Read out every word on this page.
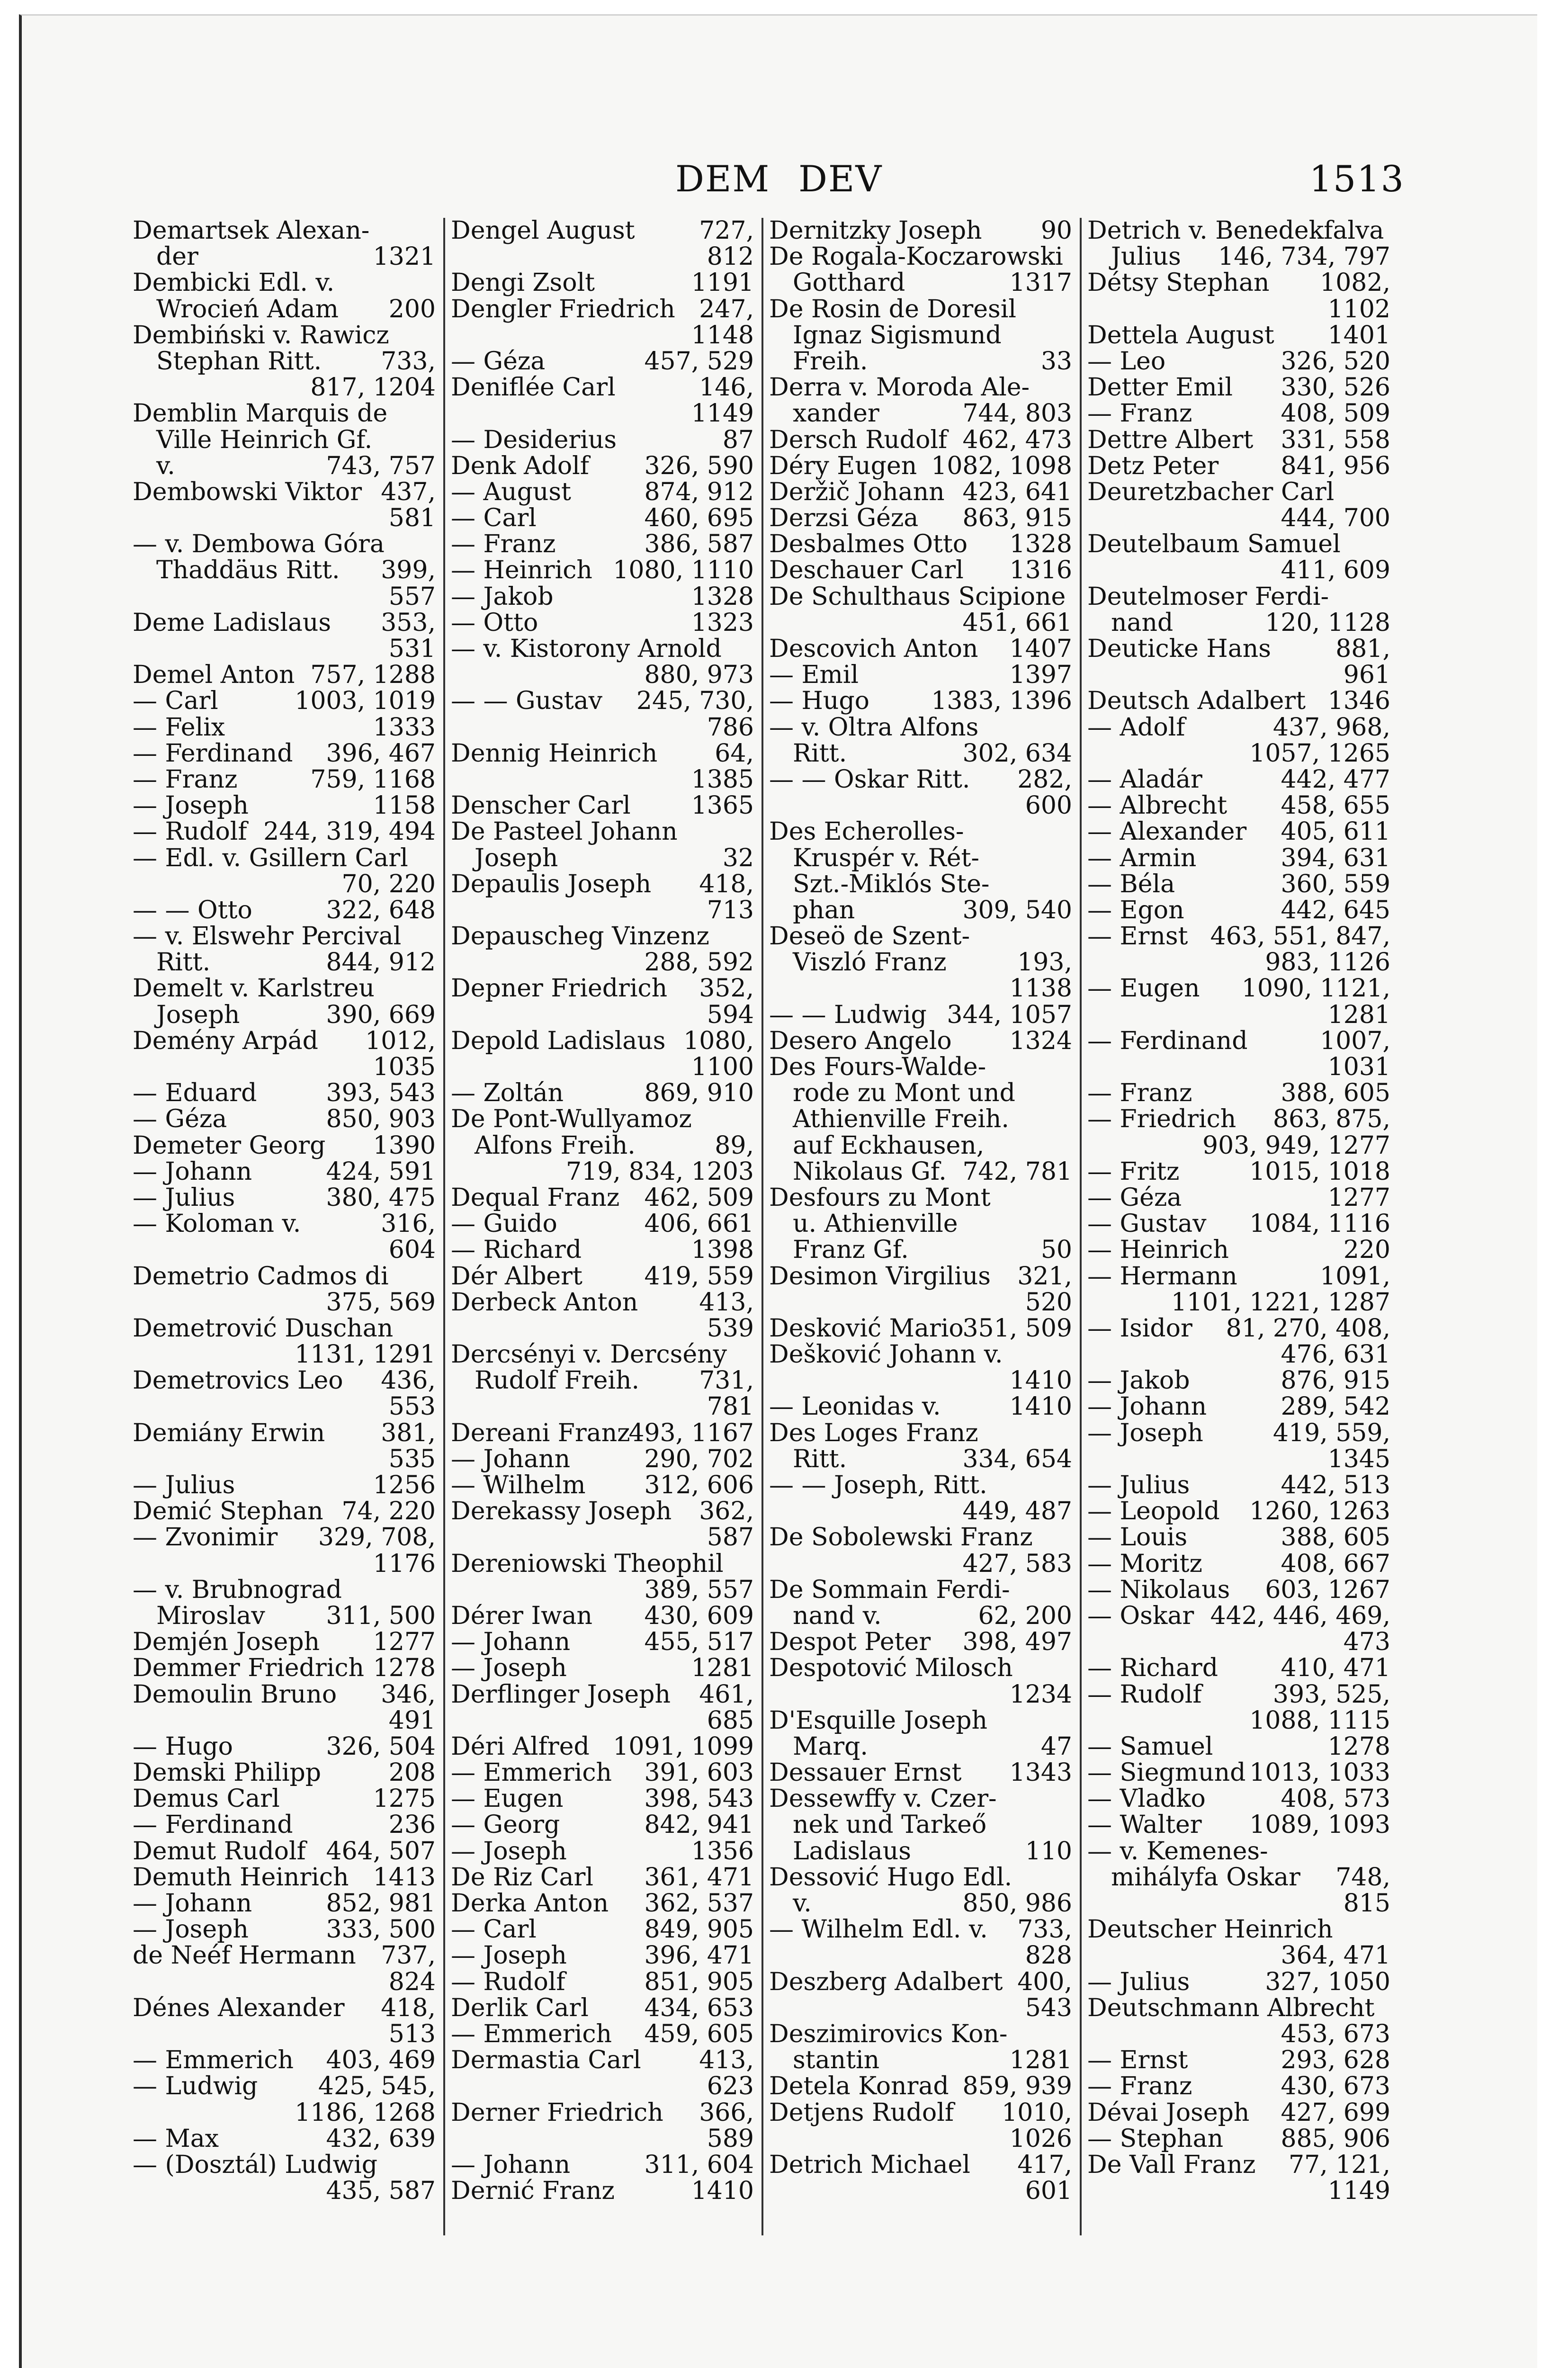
DEM DEV	1513
Demartsek Alexan-
der	1321
Dembicki Edl. v.
Wrocień Adam 200
Dembiński v. Rawicz
Stephan Ritt. 733,
817, 1204
Demblin Marquis de
Ville Heinrich Gf.
v.	743, 757
Dembowski Viktor 437,
581
— v. Dembowa Góra
Thaddäus Ritt. 399,
557
Deme Ladislaus 353,
531
Demel Anton 757, 1288
— Carl	1003, 1019
— Felix	1333
— Ferdinand 396, 467
— Franz	759, 1168
— Joseph	1158
— Rudolf 244, 319, 494
— Edl. v. Gsillern Carl
70, 220
— — Otto	322, 648
— v. Elswehr Percival
Ritt.	844, 912
Demelt v. Karlstreu
Joseph	390, 669
Demény Arpád 1012,
1035
— Eduard	393, 543
— Géza	850, 903
Demeter Georg 1390
— Johann	424, 591
— Julius	380, 475
— Koloman v.	316,
604
Demetrio Cadmos di
375, 569
Demetrović Duschan
1131, 1291
Demetrovics Leo 436,
553
Demiány Erwin 381,
535
— Julius	1256
Demić Stephan 74, 220
— Zvonimir 329, 708,
1176
— v. Brubnograd
Miroslav 311, 500
Demjén Joseph 1277
Demmer Friedrich 1278
Demoulin Bruno 346,
491
— Hugo	326, 504
Demski Philipp	208
Demus Carl	1275
— Ferdinand	236
Demut Rudolf 464, 507
Demuth Heinrich 1413
— Johann	852, 981
— Joseph	333, 500
de Neéf Hermann 737,
824
Dénes Alexander 418,
513
— Emmerich 403, 469
— Ludwig 425, 545,
1186, 1268
— Max	432, 639
— (Dosztál) Ludwig
435, 587
Dengel August	727,
812
Dengi Zsolt	1191
Dengler Friedrich 247,
1148
— Géza	457, 529
Deniflée Carl	146,
1149
— Desiderius	87
Denk Adolf 326, 590
— August	874, 912
— Carl	460, 695
— Franz	386, 587
— Heinrich 1080, 1110
— Jakob	1328
— Otto	1323
— v. Kistorony Arnold
880, 973
— — Gustav 245, 730,
786
Dennig Heinrich 64,
1385
Denscher Carl 1365
De Pasteel Johann
Joseph	32
Depaulis Joseph 418,
713
Depauscheg Vinzenz
288, 592
Depner Friedrich 352,
594
Depold Ladislaus 1080,
1100
— Zoltán	869, 910
De Pont-Wullyamoz
Alfons Freih.	89,
719, 834, 1203
Dequal Franz 462, 509
— Guido	406, 661
— Richard	1398
Dér Albert	419, 559
Derbeck Anton 413,
539
Dercsényi v. Dercsény
Rudolf Freih. 731,
781
Dereani Franz
493, 1167
— Johann	290, 702
— Wilhelm 312, 606
Derekassy Joseph 362,
587
Dereniowski Theophil
389, 557
Dérer Iwan 430, 609
— Johann	455, 517
— Joseph	1281
Derflinger Joseph 461,
685
Déri Alfred 1091, 1099
— Emmerich 391, 603
— Eugen	398, 543
— Georg	842, 941
— Joseph	1356
De Riz Carl 361, 471
Derka Anton 362, 537
— Carl	849, 905
— Joseph	396, 471
— Rudolf	851, 905
Derlik Carl 434, 653
— Emmerich 459, 605
Dermastia Carl 413,
623
Derner Friedrich 366,
589
— Johann	311, 604
Dernić Franz	1410
Dernitzky Joseph 90
De Rogala-Koczarowski
Gotthard	1317
De Rosin de Doresil
Ignaz Sigismund
Freih.	33
Derra v. Moroda Ale-
xander	744, 803
Dersch Rudolf 462, 473
Déry Eugen 1082, 1098
Deržič Johann 423, 641
Derzsi Géza 863, 915
Desbalmes Otto 1328
Deschauer Carl 1316
De Schulthaus Scipione
451, 661
Descovich Anton 1407
— Emil	1397
— Hugo	1383, 1396
— v. Oltra Alfons
Ritt.	302, 634
— — Oskar Ritt. 282,
600
Des Echerolles-
Kruspér v. Rét-
Szt.-Miklós Ste-
phan	309, 540
Deseö de Szent-
Viszló Franz	193,
1138
— — Ludwig 344, 1057
Desero Angelo 1324
Des Fours-Walde-
rode zu Mont und
Athienville Freih.
auf Eckhausen,
Nikolaus Gf. 742, 781
Desfours zu Mont
u. Athienville
Franz Gf.	50
Desimon Virgilius 321,
520
Desković Mario
351, 509
Dešković Johann v.
1410
— Leonidas v.	1410
Des Loges Franz
Ritt.	334, 654
— — Joseph, Ritt.
449, 487
De Sobolewski Franz
427, 583
De Sommain Ferdi-
nand v.	62, 200
Despot Peter 398, 497
Despotović Milosch
1234
D'Esquille Joseph
Marq.	47
Dessauer Ernst 1343
Dessewffy v. Czer-
nek und Tarkeő
Ladislaus	110
Dessović Hugo Edl.
v.	850, 986
— Wilhelm Edl. v. 733,
828
Deszberg Adalbert 400,
543
Deszimirovics Kon-
stantin	1281
Detela Konrad 859, 939
Detjens Rudolf 1010,
1026
Detrich Michael 417,
601
Detrich v. Benedekfalva
Julius 146, 734, 797
Détsy Stephan 1082,
1102
Dettela August 1401
— Leo	326, 520
Detter Emil 330, 526
— Franz	408, 509
Dettre Albert 331, 558
Detz Peter	841, 956
Deuretzbacher Carl
444, 700
Deutelbaum Samuel
411, 609
Deutelmoser Ferdi-
nand	120, 1128
Deuticke Hans	881,
961
Deutsch Adalbert 1346
— Adolf	437, 968,
1057, 1265
— Aladár	442, 477
— Albrecht 458, 655
— Alexander 405, 611
— Armin	394, 631
— Béla	360, 559
— Egon	442, 645
— Ernst 463, 551, 847,
983, 1126
— Eugen 1090, 1121,
1281
— Ferdinand	1007,
1031
— Franz	388, 605
— Friedrich 863, 875,
903, 949, 1277
— Fritz	1015, 1018
— Géza	1277
— Gustav 1084, 1116
— Heinrich	220
— Hermann	1091,
1101, 1221, 1287
— Isidor 81, 270, 408,
476, 631
— Jakob	876, 915
— Johann	289, 542
— Joseph	419, 559,
1345
— Julius	442, 513
— Leopold 1260, 1263
— Louis	388, 605
— Moritz	408, 667
— Nikolaus 603, 1267
— Oskar 442, 446, 469,
473
— Richard	410, 471
— Rudolf	393, 525,
1088, 1115
— Samuel	1278
— Siegmund 1013, 1033
— Vladko	408, 573
— Walter 1089, 1093
— v. Kemenes-
mihályfa Oskar 748,
815
Deutscher Heinrich
364, 471
— Julius	327, 1050
Deutschmann Albrecht
453, 673
— Ernst	293, 628
— Franz	430, 673
Dévai Joseph 427, 699
— Stephan 885, 906
De Vall Franz 77, 121,
1149
